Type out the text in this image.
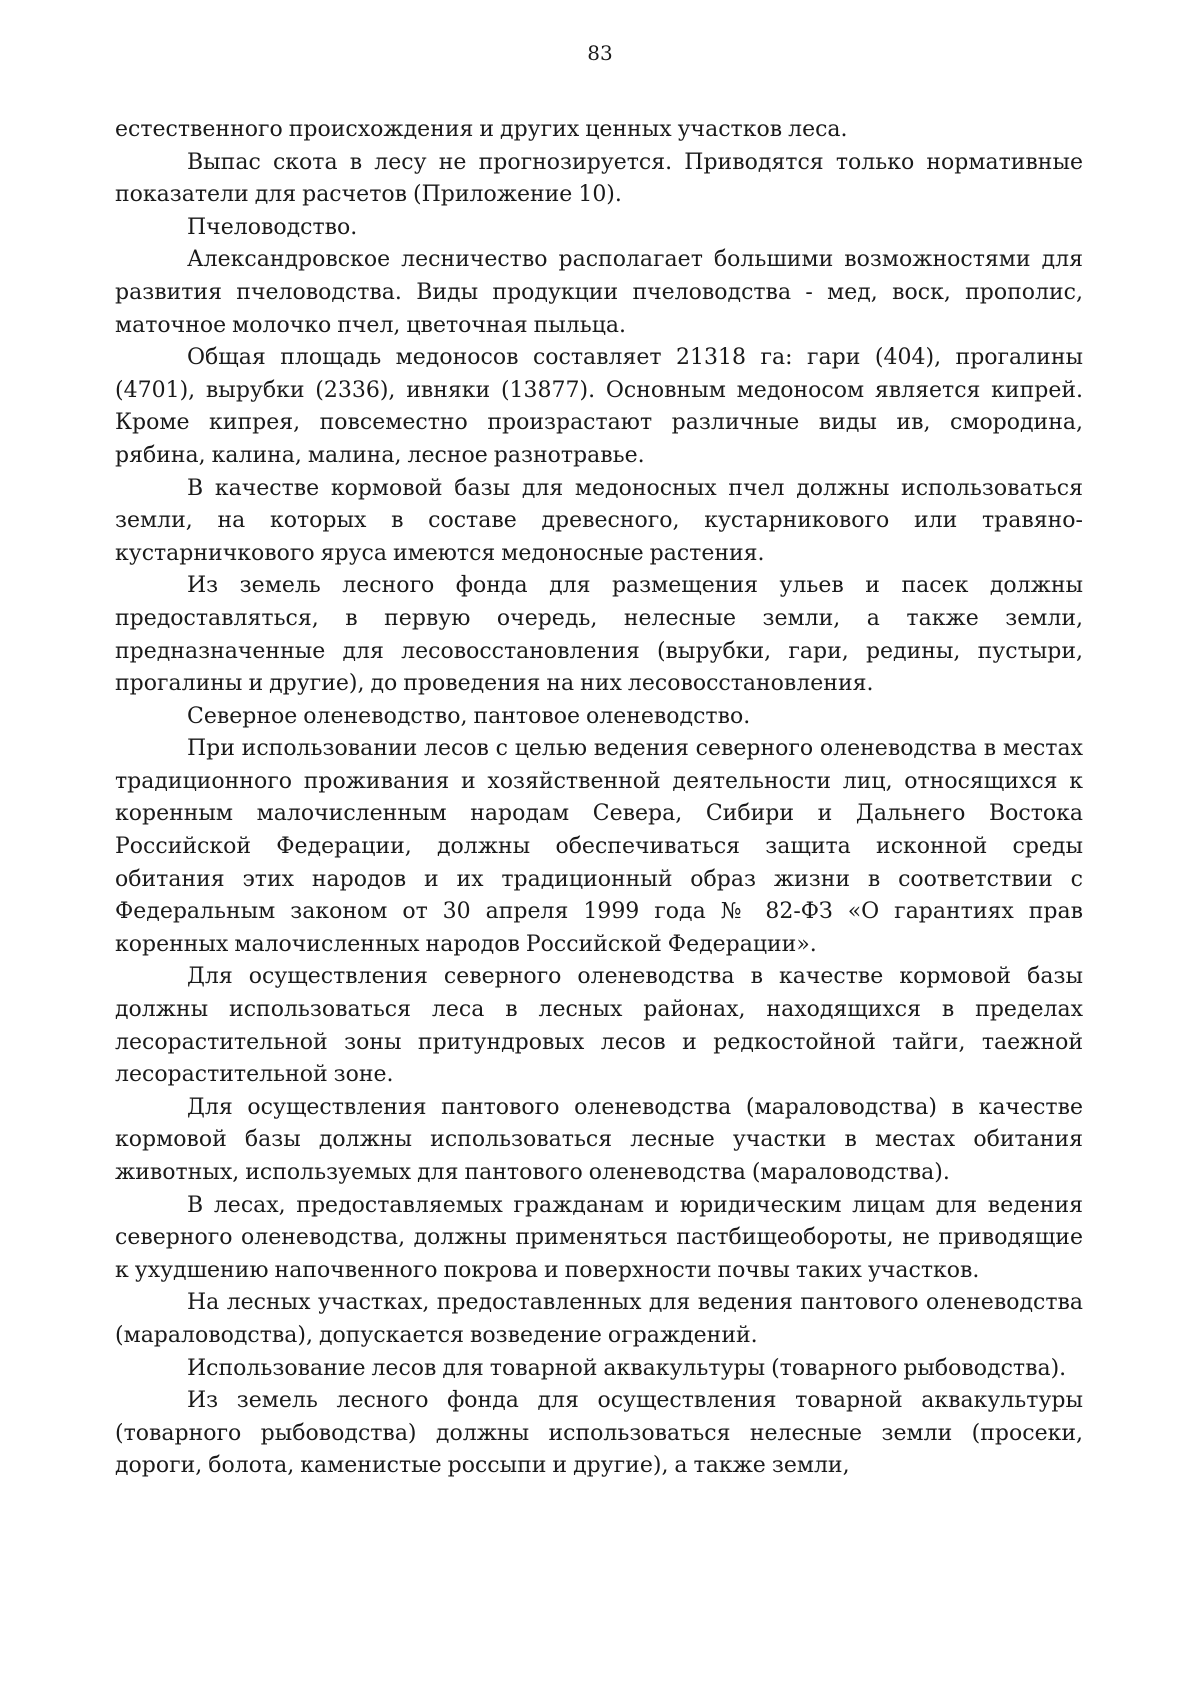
83

естественного происхождения и других ценных участков леса.

Выпас скота в лесу не прогнозируется. Приводятся только нормативные показатели для расчетов (Приложение 10).

Пчеловодство.

Александровское лесничество располагает большими возможностями для развития пчеловодства. Виды продукции пчеловодства - мед, воск, прополис, маточное молочко пчел, цветочная пыльца.

Общая площадь медоносов составляет 21318 га: гари (404), прогалины (4701), вырубки (2336), ивняки (13877). Основным медоносом является кипрей. Кроме кипрея, повсеместно произрастают различные виды ив, смородина, рябина, калина, малина, лесное разнотравье.

В качестве кормовой базы для медоносных пчел должны использоваться земли, на которых в составе древесного, кустарникового или травяно-кустарничкового яруса имеются медоносные растения.

Из земель лесного фонда для размещения ульев и пасек должны предоставляться, в первую очередь, нелесные земли, а также земли, предназначенные для лесовосстановления (вырубки, гари, редины, пустыри, прогалины и другие), до проведения на них лесовосстановления.

Северное оленеводство, пантовое оленеводство.

При использовании лесов с целью ведения северного оленеводства в местах традиционного проживания и хозяйственной деятельности лиц, относящихся к коренным малочисленным народам Севера, Сибири и Дальнего Востока Российской Федерации, должны обеспечиваться защита исконной среды обитания этих народов и их традиционный образ жизни в соответствии с Федеральным законом от 30 апреля 1999 года № 82-ФЗ «О гарантиях прав коренных малочисленных народов Российской Федерации».

Для осуществления северного оленеводства в качестве кормовой базы должны использоваться леса в лесных районах, находящихся в пределах лесорастительной зоны притундровых лесов и редкостойной тайги, таежной лесорастительной зоне.

Для осуществления пантового оленеводства (мараловодства) в качестве кормовой базы должны использоваться лесные участки в местах обитания животных, используемых для пантового оленеводства (мараловодства).

В лесах, предоставляемых гражданам и юридическим лицам для ведения северного оленеводства, должны применяться пастбищеобороты, не приводящие к ухудшению напочвенного покрова и поверхности почвы таких участков.

На лесных участках, предоставленных для ведения пантового оленеводства (мараловодства), допускается возведение ограждений.

Использование лесов для товарной аквакультуры (товарного рыбоводства).

Из земель лесного фонда для осуществления товарной аквакультуры (товарного рыбоводства) должны использоваться нелесные земли (просеки, дороги, болота, каменистые россыпи и другие), а также земли,
